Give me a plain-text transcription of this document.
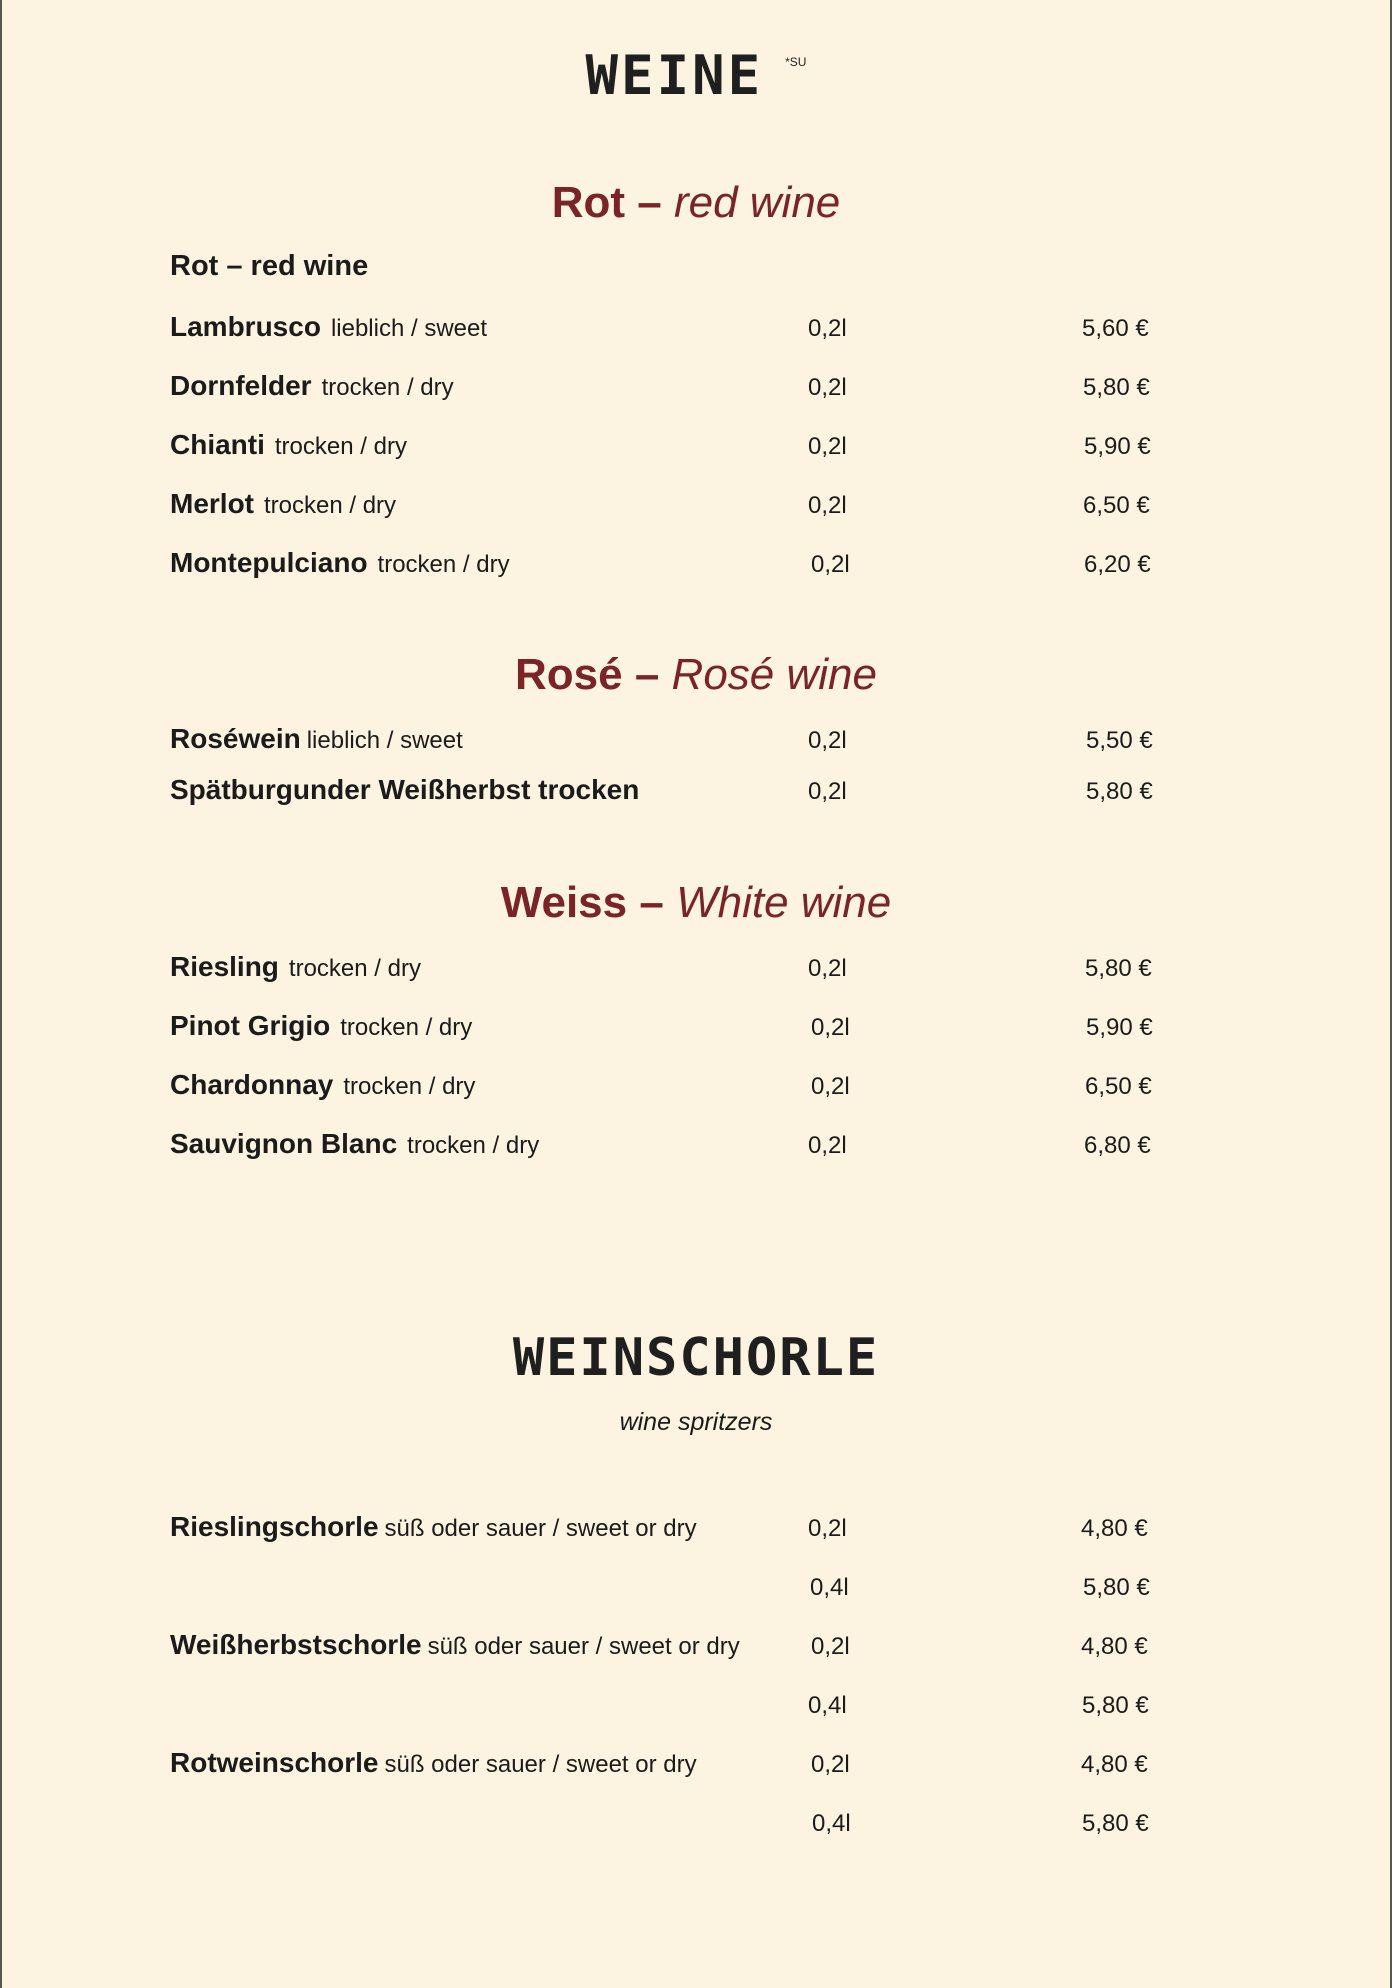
WEINE $^{*SU}$
Rot – red wine
Rot – red wine
Lambrusco lieblich / sweet	0,2l	5,60 €
Dornfelder trocken / dry	0,2l	5,80 €
Chianti trocken / dry	0,2l	5,90 €
Merlot trocken / dry	0,2l	6,50 €
Montepulciano trocken / dry	0,2l	6,20 €
Rosé – Rosé wine
Roséwein lieblich / sweet	0,2l	5,50 €
Spätburgunder Weißherbst trocken	0,2l	5,80 €
Weiss – White wine
Riesling trocken / dry	0,2l	5,80 €
Pinot Grigio trocken / dry	0,2l	5,90 €
Chardonnay trocken / dry	0,2l	6,50 €
Sauvignon Blanc trocken / dry	0,2l	6,80 €
WEINSCHORLE
wine spritzers
Rieslingschorle süß oder sauer / sweet or dry	0,2l	4,80 €
0,4l	5,80 €
Weißherbstschorle süß oder sauer / sweet or dry	0,2l	4,80 €
0,4l	5,80 €
Rotweinschorle süß oder sauer / sweet or dry	0,2l	4,80 €
0,4l	5,80 €
